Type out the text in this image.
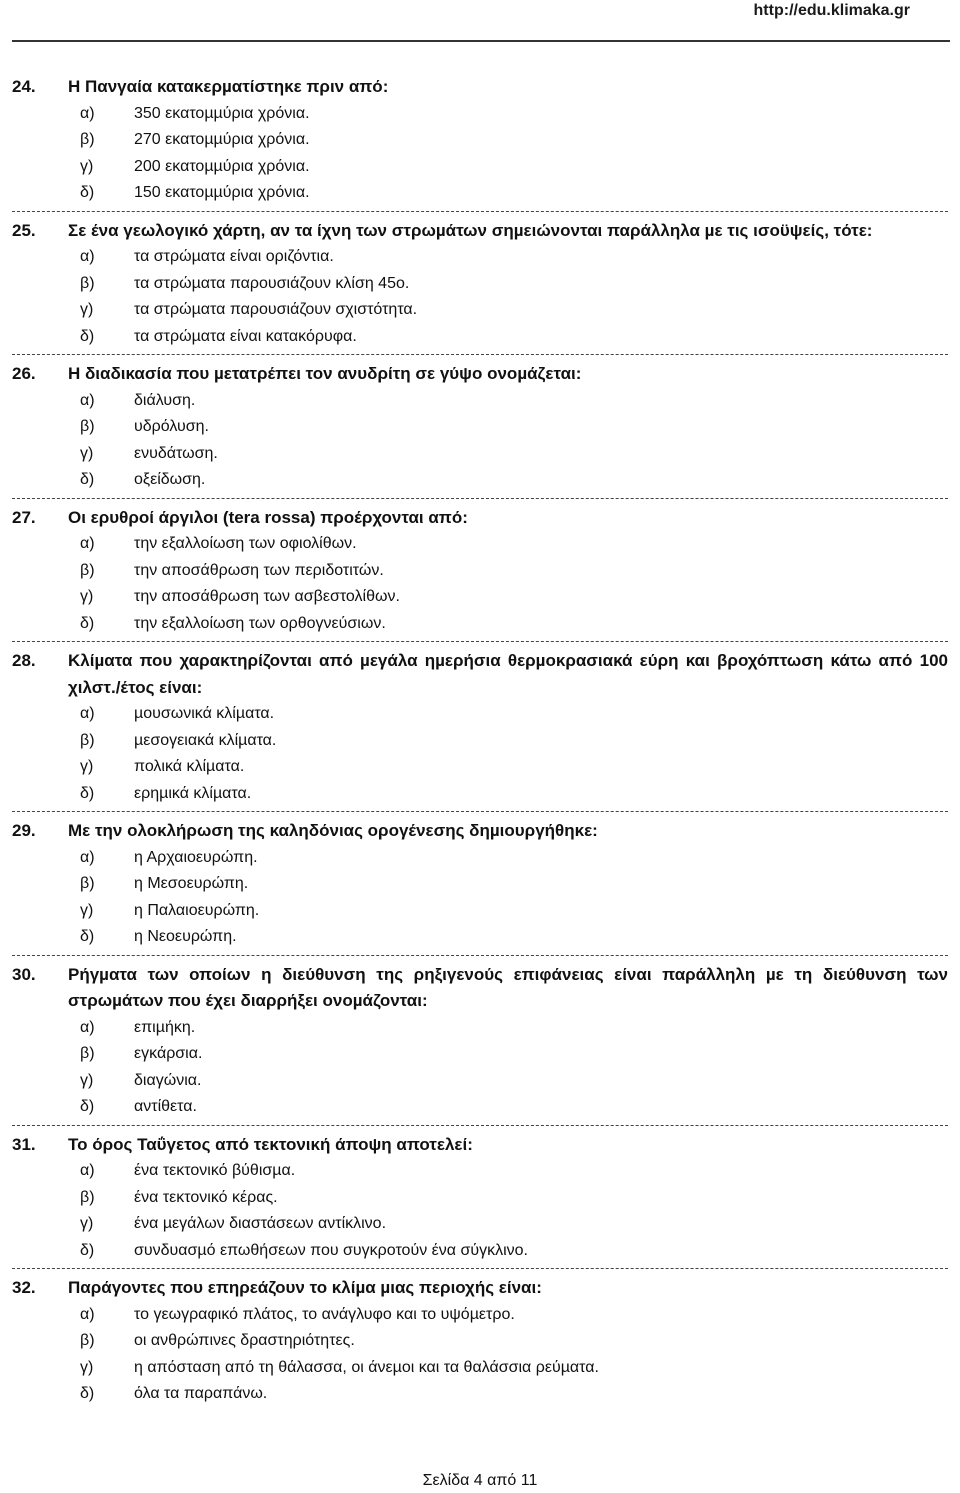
http://edu.klimaka.gr
24.	Η Πανγαία κατακερµατίστηκε πριν από:
α)	350 εκατοµµύρια χρόνια.
β)	270 εκατοµµύρια χρόνια.
γ)	200 εκατοµµύρια χρόνια.
δ)	150 εκατοµµύρια χρόνια.
25.	Σε ένα γεωλογικό χάρτη, αν τα ίχνη των στρωµάτων σηµειώνονται παράλληλα µε τις ισοϋψείς, τότε:
α)	τα στρώµατα είναι οριζόντια.
β)	τα στρώµατα παρουσιάζουν κλίση 45ο.
γ)	τα στρώµατα παρουσιάζουν σχιστότητα.
δ)	τα στρώµατα είναι κατακόρυφα.
26.	Η διαδικασία που µετατρέπει τον ανυδρίτη σε γύψο ονοµάζεται:
α)	διάλυση.
β)	υδρόλυση.
γ)	ενυδάτωση.
δ)	οξείδωση.
27.	Οι ερυθροί άργιλοι (tera rossa) προέρχονται από:
α)	την εξαλλοίωση των οφιολίθων.
β)	την αποσάθρωση των περιδοτιτών.
γ)	την αποσάθρωση των ασβεστολίθων.
δ)	την εξαλλοίωση των ορθογνεύσιων.
28.	Κλίµατα που χαρακτηρίζονται από µεγάλα ηµερήσια θερµοκρασιακά εύρη και βροχόπτωση κάτω από 100 χιλστ./έτος είναι:
α)	µουσωνικά κλίµατα.
β)	µεσογειακά κλίµατα.
γ)	πολικά κλίµατα.
δ)	ερηµικά κλίµατα.
29.	Με την ολοκλήρωση της καληδόνιας ορογένεσης δηµιουργήθηκε:
α)	η Αρχαιοευρώπη.
β)	η Μεσοευρώπη.
γ)	η Παλαιοευρώπη.
δ)	η Νεοευρώπη.
30.	Ρήγµατα των οποίων η διεύθυνση της ρηξιγενούς επιφάνειας είναι παράλληλη µε τη διεύθυνση των στρωµάτων που έχει διαρρήξει ονοµάζονται:
α)	επιµήκη.
β)	εγκάρσια.
γ)	διαγώνια.
δ)	αντίθετα.
31.	Το όρος Ταΰγετος από τεκτονική άποψη αποτελεί:
α)	ένα τεκτονικό βύθισµα.
β)	ένα τεκτονικό κέρας.
γ)	ένα µεγάλων διαστάσεων αντίκλινο.
δ)	συνδυασµό επωθήσεων που συγκροτούν ένα σύγκλινο.
32.	Παράγοντες που επηρεάζουν το κλίµα µιας περιοχής είναι:
α)	το γεωγραφικό πλάτος, το ανάγλυφο και το υψόµετρο.
β)	οι ανθρώπινες δραστηριότητες.
γ)	η απόσταση από τη θάλασσα, οι άνεµοι και τα θαλάσσια ρεύµατα.
δ)	όλα τα παραπάνω.
Σελίδα 4 από 11
